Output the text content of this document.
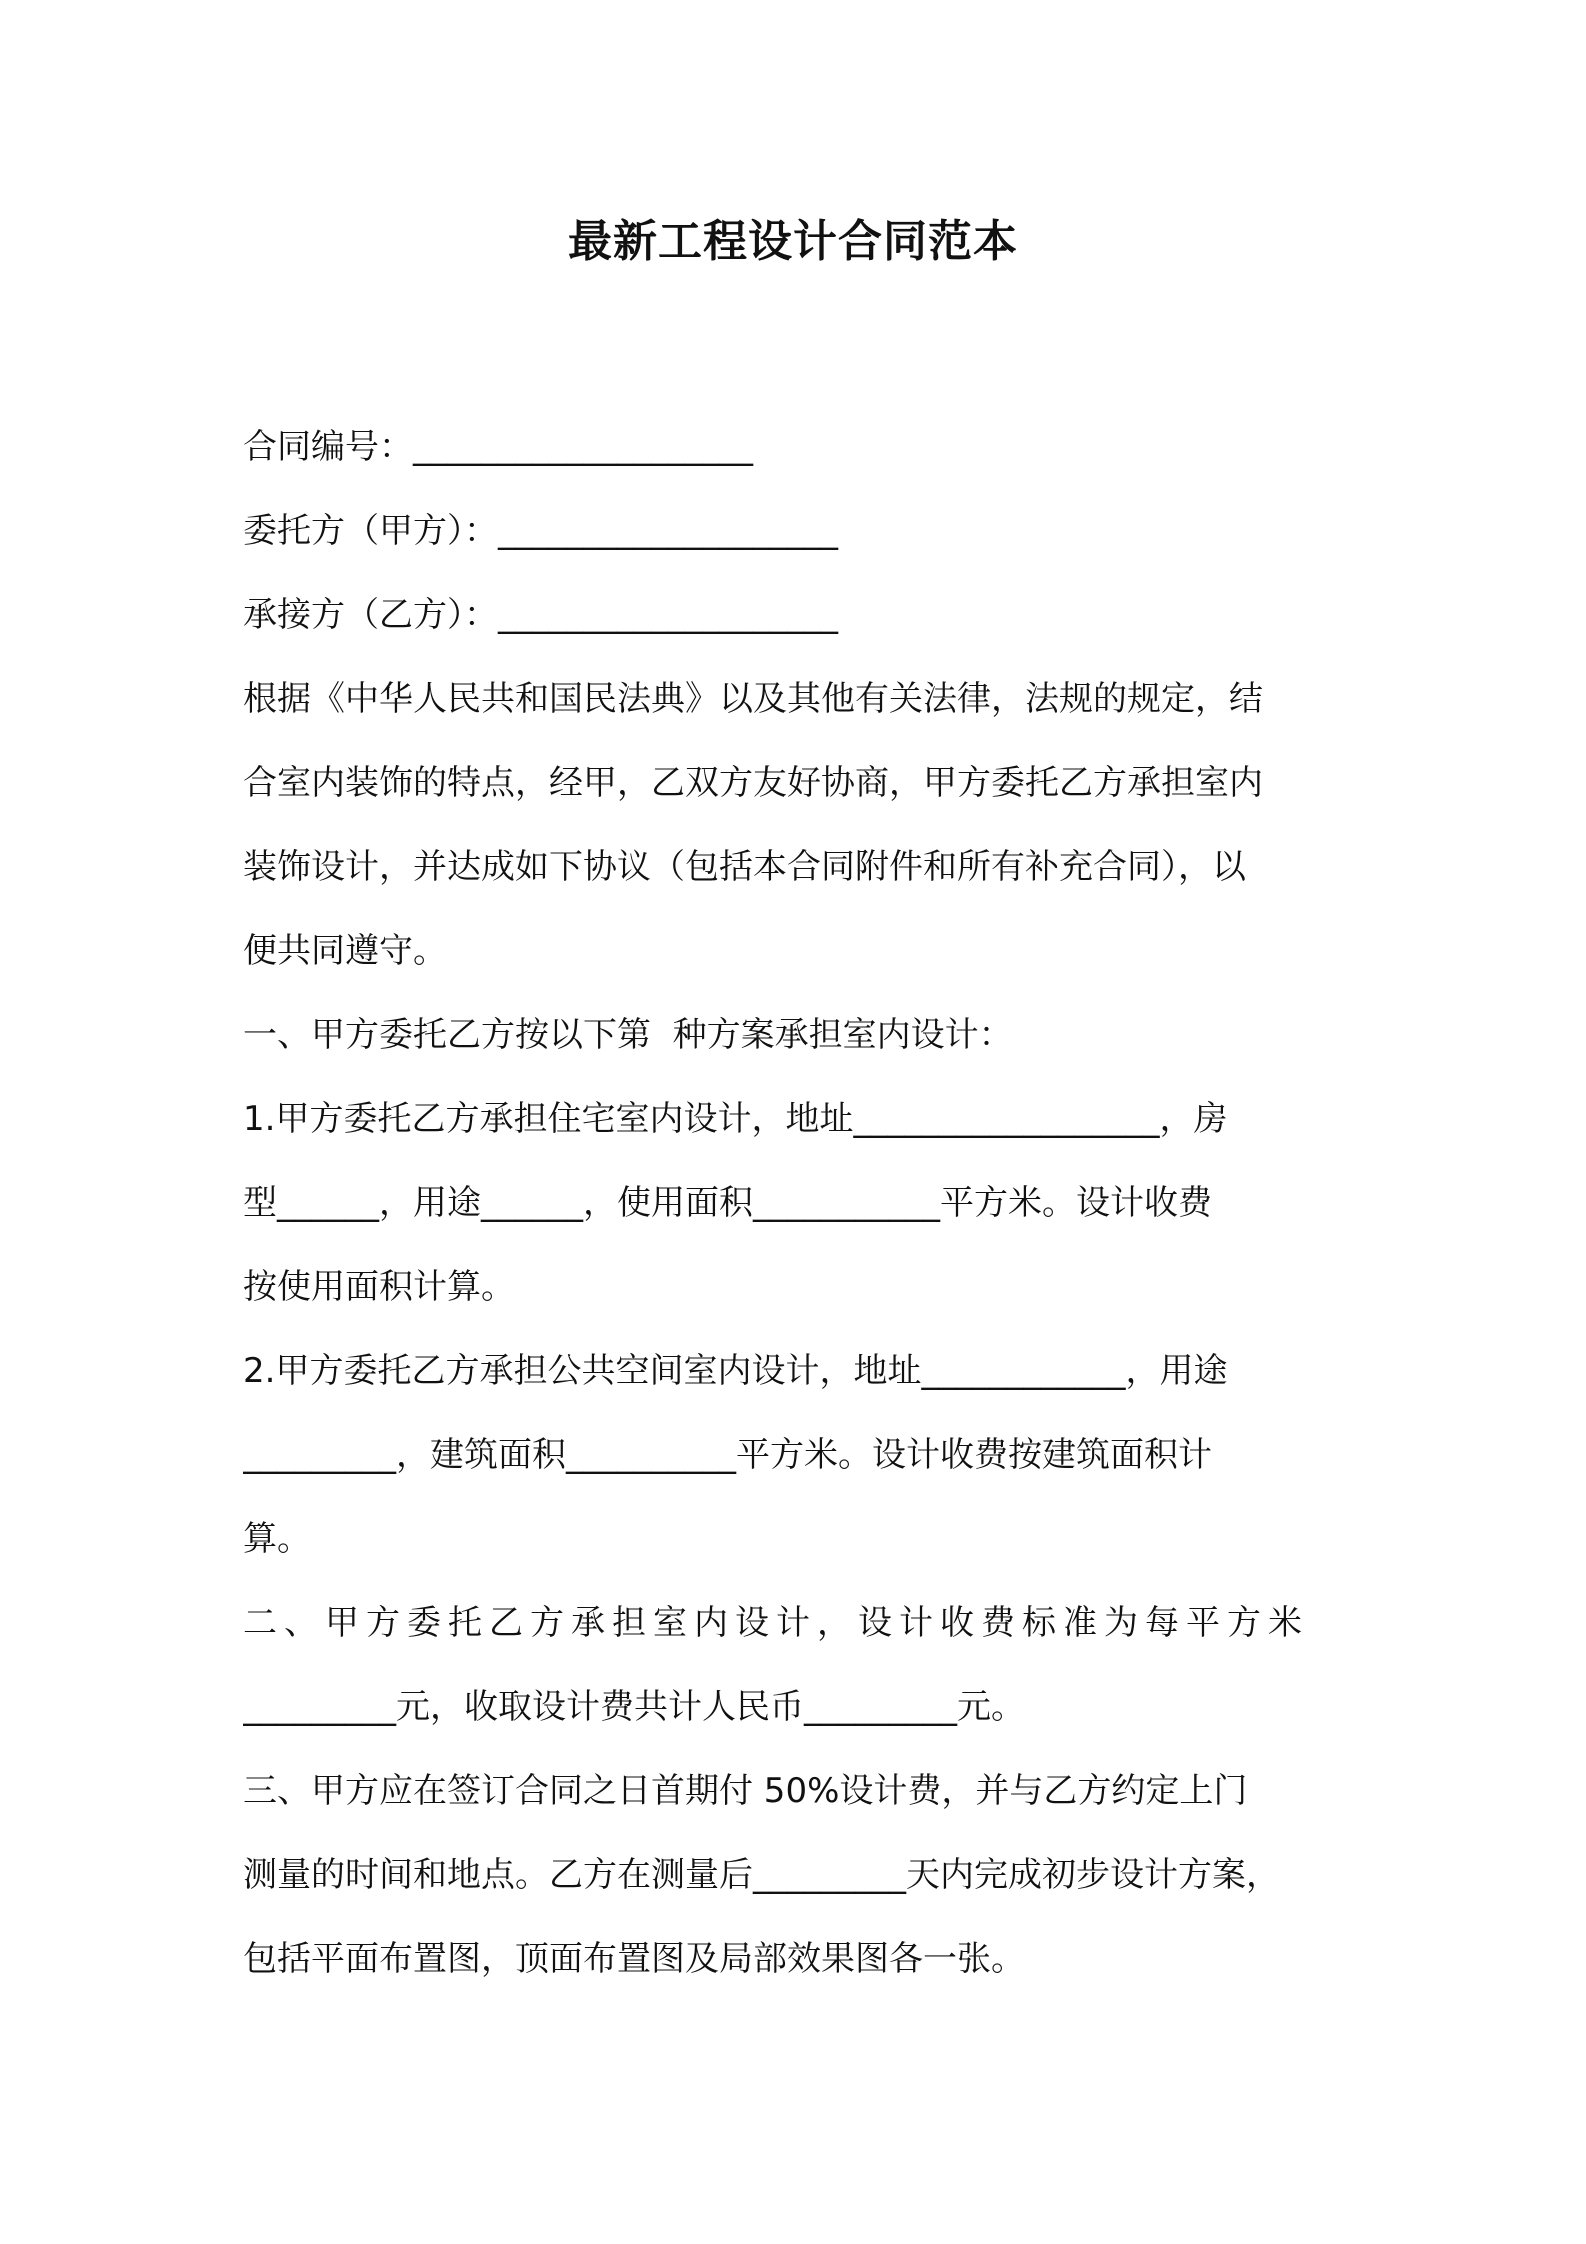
最新工程设计合同范本
合同编号：____________________
委托方（甲方）：____________________
承接方（乙方）：____________________
根据《中华人民共和国民法典》以及其他有关法律，法规的规定，结
合室内装饰的特点，经甲，乙双方友好协商，甲方委托乙方承担室内
装饰设计，并达成如下协议（包括本合同附件和所有补充合同），以
便共同遵守。
一、甲方委托乙方按以下第  种方案承担室内设计：
1.甲方委托乙方承担住宅室内设计，地址__________________，房
型______，用途______，使用面积___________平方米。设计收费
按使用面积计算。
2.甲方委托乙方承担公共空间室内设计，地址____________，用途
_________，建筑面积__________平方米。设计收费按建筑面积计
算。
二、甲方委托乙方承担室内设计，设计收费标准为每平方米
_________元，收取设计费共计人民币_________元。
三、甲方应在签订合同之日首期付 50%设计费，并与乙方约定上门
测量的时间和地点。乙方在测量后_________天内完成初步设计方案，
包括平面布置图，顶面布置图及局部效果图各一张。
